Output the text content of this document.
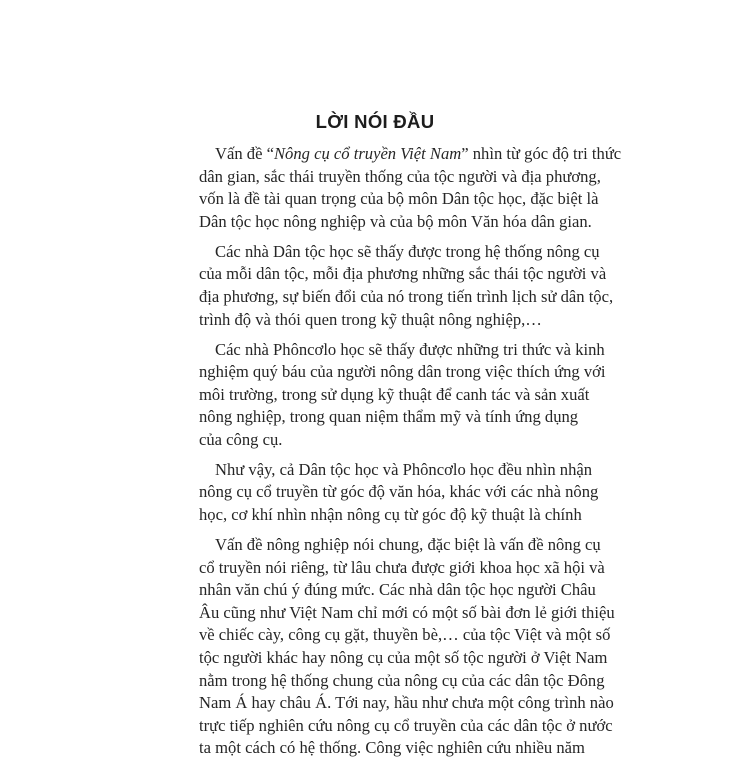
LỜI NÓI ĐẦU
Vấn đề “Nông cụ cổ truyền Việt Nam” nhìn từ góc độ tri thức
dân gian, sắc thái truyền thống của tộc người và địa phương,
vốn là đề tài quan trọng của bộ môn Dân tộc học, đặc biệt là
Dân tộc học nông nghiệp và của bộ môn Văn hóa dân gian.
Các nhà Dân tộc học sẽ thấy được trong hệ thống nông cụ
của mỗi dân tộc, mỗi địa phương những sắc thái tộc người và
địa phương, sự biến đổi của nó trong tiến trình lịch sử dân tộc,
trình độ và thói quen trong kỹ thuật nông nghiệp,…
Các nhà Phôncơlo học sẽ thấy được những tri thức và kinh
nghiệm quý báu của người nông dân trong việc thích ứng với
môi trường, trong sử dụng kỹ thuật để canh tác và sản xuất
nông nghiệp, trong quan niệm thẩm mỹ và tính ứng dụng
của công cụ.
Như vậy, cả Dân tộc học và Phôncơlo học đều nhìn nhận
nông cụ cổ truyền từ góc độ văn hóa, khác với các nhà nông
học, cơ khí nhìn nhận nông cụ từ góc độ kỹ thuật là chính
Vấn đề nông nghiệp nói chung, đặc biệt là vấn đề nông cụ
cổ truyền nói riêng, từ lâu chưa được giới khoa học xã hội và
nhân văn chú ý đúng mức. Các nhà dân tộc học người Châu
Âu cũng như Việt Nam chỉ mới có một số bài đơn lẻ giới thiệu
về chiếc cày, công cụ gặt, thuyền bè,… của tộc Việt và một số
tộc người khác hay nông cụ của một số tộc người ở Việt Nam
nằm trong hệ thống chung của nông cụ của các dân tộc Đông
Nam Á hay châu Á. Tới nay, hầu như chưa một công trình nào
trực tiếp nghiên cứu nông cụ cổ truyền của các dân tộc ở nước
ta một cách có hệ thống. Công việc nghiên cứu nhiều năm
